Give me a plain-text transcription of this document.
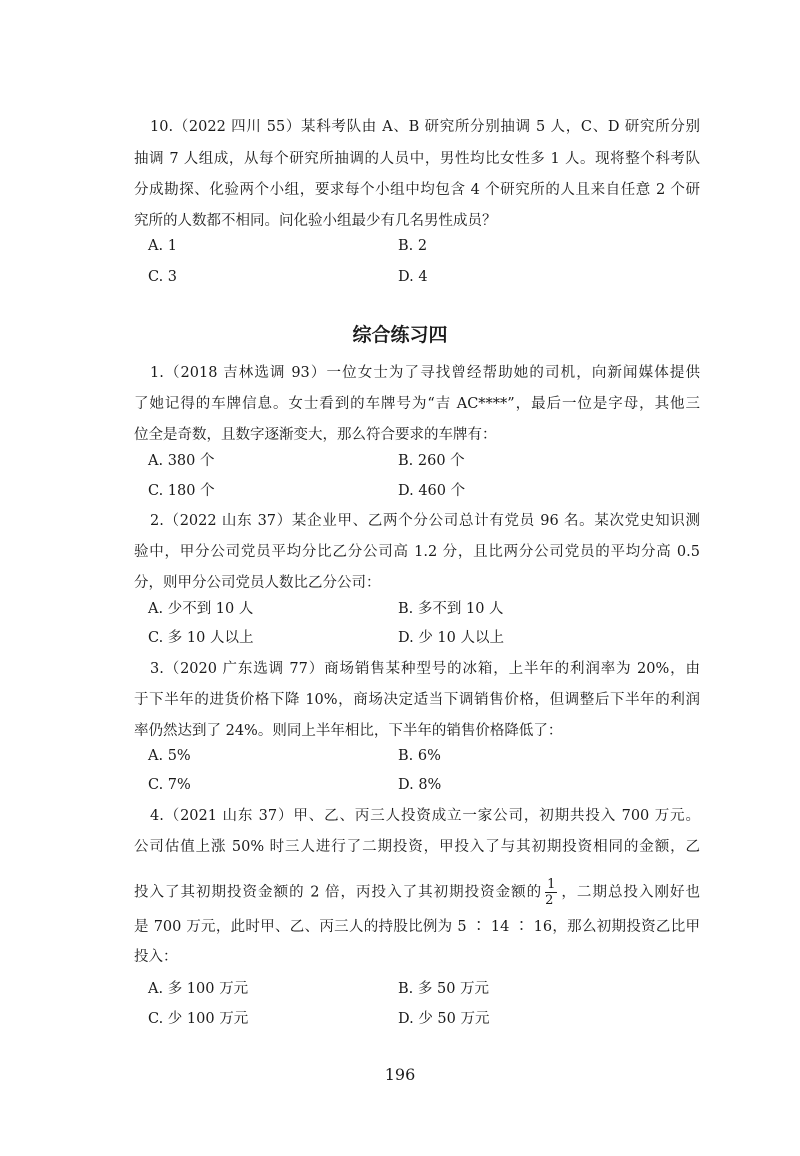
10.（2022 四川 55）某科考队由 A、B 研究所分别抽调 5 人，C、D 研究所分别
抽调 7 人组成，从每个研究所抽调的人员中，男性均比女性多 1 人。现将整个科考队
分成勘探、化验两个小组，要求每个小组中均包含 4 个研究所的人且来自任意 2 个研
究所的人数都不相同。问化验小组最少有几名男性成员？
A. 1	B. 2
C. 3	D. 4
综合练习四
1.（2018 吉林选调 93）一位女士为了寻找曾经帮助她的司机，向新闻媒体提供
了她记得的车牌信息。女士看到的车牌号为“吉 AC****”，最后一位是字母，其他三
位全是奇数，且数字逐渐变大，那么符合要求的车牌有：
A. 380 个	B. 260 个
C. 180 个	D. 460 个
2.（2022 山东 37）某企业甲、乙两个分公司总计有党员 96 名。某次党史知识测
验中，甲分公司党员平均分比乙分公司高 1.2 分，且比两分公司党员的平均分高 0.5
分，则甲分公司党员人数比乙分公司：
A. 少不到 10 人	B. 多不到 10 人
C. 多 10 人以上	D. 少 10 人以上
3.（2020 广东选调 77）商场销售某种型号的冰箱，上半年的利润率为 20%，由
于下半年的进货价格下降 10%，商场决定适当下调销售价格，但调整后下半年的利润
率仍然达到了 24%。则同上半年相比，下半年的销售价格降低了：
A. 5%	B. 6%
C. 7%	D. 8%
4.（2021 山东 37）甲、乙、丙三人投资成立一家公司，初期共投入 700 万元。
公司估值上涨 50% 时三人进行了二期投资，甲投入了与其初期投资相同的金额，乙
投入了其初期投资金额的 2 倍，丙投入了其初期投资金额的 $\frac{1}{2}$ ，二期总投入刚好也
是 700 万元，此时甲、乙、丙三人的持股比例为 5 ∶ 14 ∶ 16，那么初期投资乙比甲
投入：
A. 多 100 万元	B. 多 50 万元
C. 少 100 万元	D. 少 50 万元
196
